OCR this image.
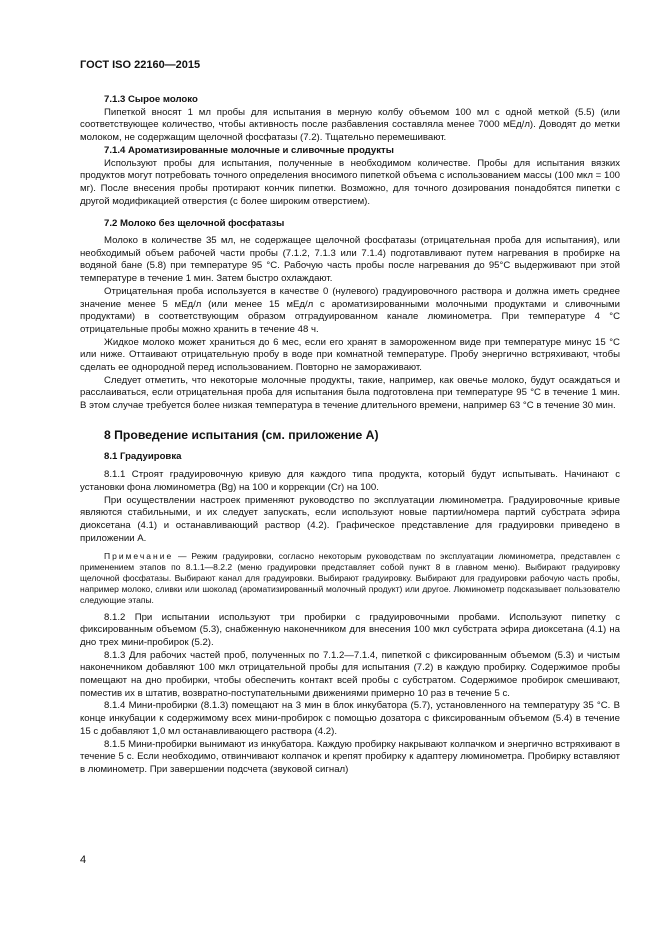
ГОСТ ISO 22160—2015
7.1.3 Сырое молоко

Пипеткой вносят 1 мл пробы для испытания в мерную колбу объемом 100 мл с одной меткой (5.5) (или соответствующее количество, чтобы активность после разбавления составляла менее 7000 мЕд/л). Доводят до метки молоком, не содержащим щелочной фосфатазы (7.2). Тщательно перемешивают.

7.1.4 Ароматизированные молочные и сливочные продукты

Используют пробы для испытания, полученные в необходимом количестве. Пробы для испытания вязких продуктов могут потребовать точного определения вносимого пипеткой объема с использованием массы (100 мкл = 100 мг). После внесения пробы протирают кончик пипетки. Возможно, для точного дозирования понадобятся пипетки с другой модификацией отверстия (с более широким отверстием).

7.2 Молоко без щелочной фосфатазы

Молоко в количестве 35 мл, не содержащее щелочной фосфатазы (отрицательная проба для испытания), или необходимый объем рабочей части пробы (7.1.2, 7.1.3 или 7.1.4) подготавливают путем нагревания в пробирке на водяной бане (5.8) при температуре 95 °С. Рабочую часть пробы после нагревания до 95°С выдерживают при этой температуре в течение 1 мин. Затем быстро охлаждают.

Отрицательная проба используется в качестве 0 (нулевого) градуировочного раствора и должна иметь среднее значение менее 5 мЕд/л (или менее 15 мЕд/л с ароматизированными молочными продуктами и сливочными продуктами) в соответствующим образом отградуированном канале люминометра. При температуре 4 °С отрицательные пробы можно хранить в течение 48 ч.

Жидкое молоко может храниться до 6 мес, если его хранят в замороженном виде при температуре минус 15 °С или ниже. Оттаивают отрицательную пробу в воде при комнатной температуре. Пробу энергично встряхивают, чтобы сделать ее однородной перед использованием. Повторно не замораживают.

Следует отметить, что некоторые молочные продукты, такие, например, как овечье молоко, будут осаждаться и расслаиваться, если отрицательная проба для испытания была подготовлена при температуре 95 °С в течение 1 мин. В этом случае требуется более низкая температура в течение длительного времени, например 63 °С в течение 30 мин.

8 Проведение испытания (см. приложение А)
8.1 Градуировка

8.1.1 Строят градуировочную кривую для каждого типа продукта, который будут испытывать. Начинают с установки фона люминометра (Bg) на 100 и коррекции (Cr) на 100.

При осуществлении настроек применяют руководство по эксплуатации люминометра. Градуировочные кривые являются стабильными, и их следует запускать, если используют новые партии/номера партий субстрата эфира диоксетана (4.1) и останавливающий раствор (4.2). Графическое представление для градуировки приведено в приложении А.

Примечание — Режим градуировки, согласно некоторым руководствам по эксплуатации люминометра, представлен с применением этапов по 8.1.1—8.2.2 (меню градуировки представляет собой пункт 8 в главном меню). Выбирают градуировку щелочной фосфатазы. Выбирают канал для градуировки. Выбирают градуировку. Выбирают для градуировки рабочую часть пробы, например молоко, сливки или шоколад (ароматизированный молочный продукт) или другое. Люминометр подсказывает пользователю следующие этапы.

8.1.2 При испытании используют три пробирки с градуировочными пробами. Используют пипетку с фиксированным объемом (5.3), снабженную наконечником для внесения 100 мкл субстрата эфира диоксетана (4.1) на дно трех мини-пробирок (5.2).

8.1.3 Для рабочих частей проб, полученных по 7.1.2—7.1.4, пипеткой с фиксированным объемом (5.3) и чистым наконечником добавляют 100 мкл отрицательной пробы для испытания (7.2) в каждую пробирку. Содержимое пробы помещают на дно пробирки, чтобы обеспечить контакт всей пробы с субстратом. Содержимое пробирок смешивают, поместив их в штатив, возвратно-поступательными движениями примерно 10 раз в течение 5 с.

8.1.4 Мини-пробирки (8.1.3) помещают на 3 мин в блок инкубатора (5.7), установленного на температуру 35 °С. В конце инкубации к содержимому всех мини-пробирок с помощью дозатора с фиксированным объемом (5.4) в течение 15 с добавляют 1,0 мл останавливающего раствора (4.2).

8.1.5 Мини-пробирки вынимают из инкубатора. Каждую пробирку накрывают колпачком и энергично встряхивают в течение 5 с. Если необходимо, отвинчивают колпачок и крепят пробирку к адаптеру люминометра. Пробирку вставляют в люминометр. При завершении подсчета (звуковой сигнал)

4
